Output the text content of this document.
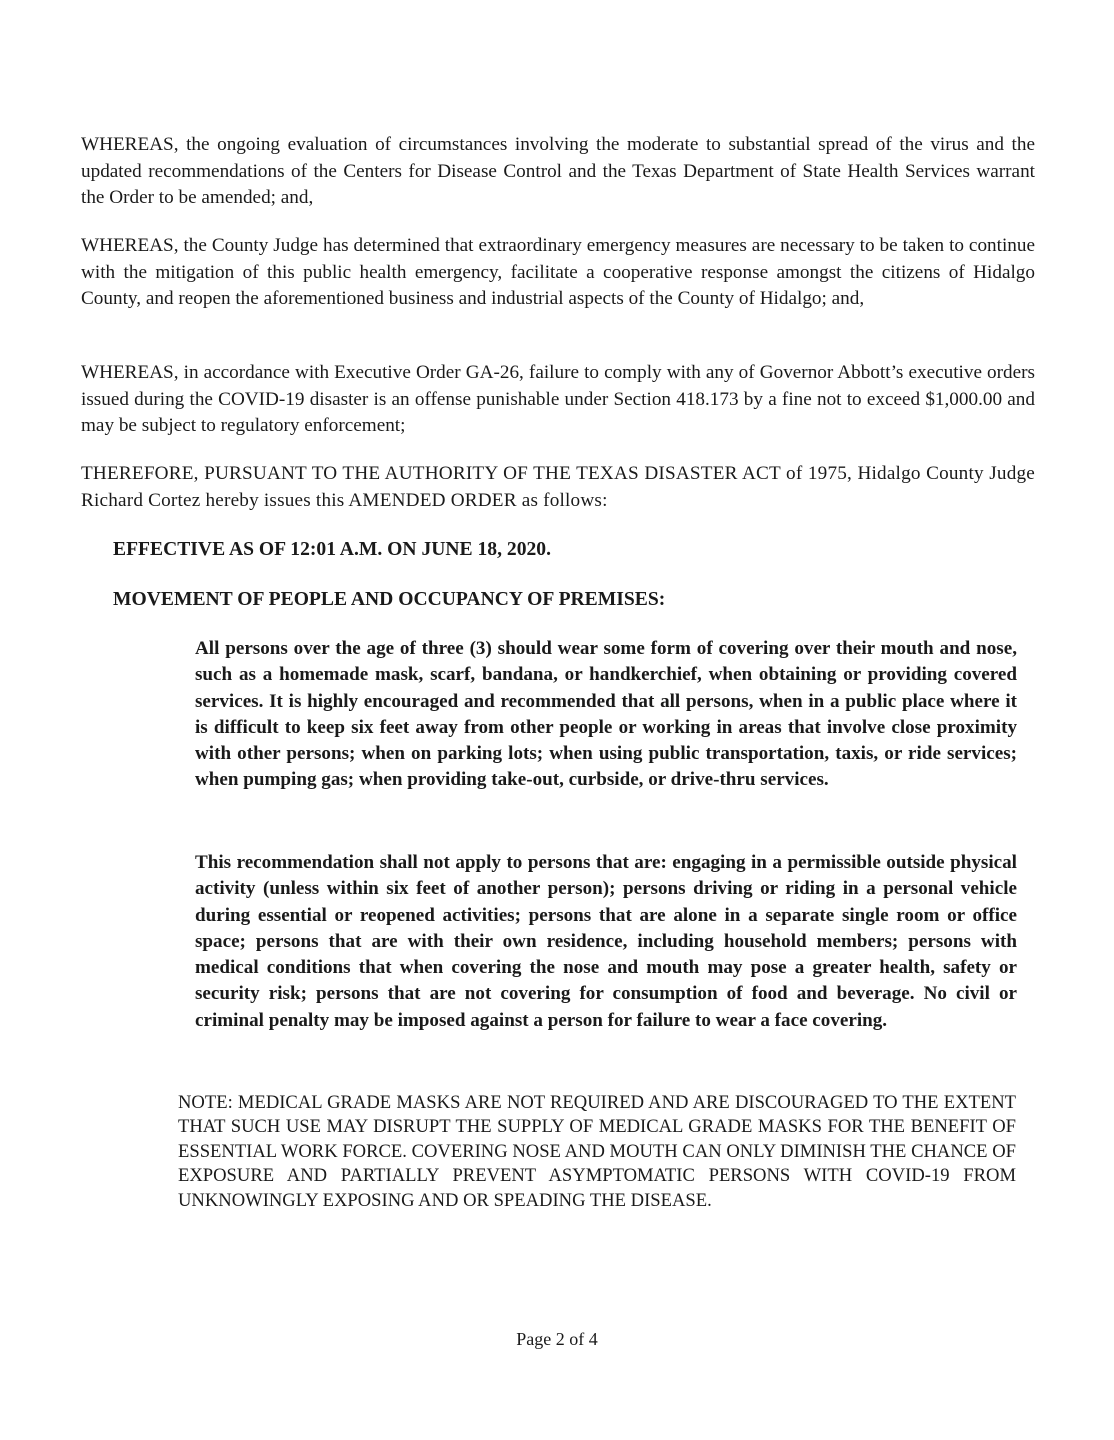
WHEREAS, the ongoing evaluation of circumstances involving the moderate to substantial spread of the virus and the updated recommendations of the Centers for Disease Control and the Texas Department of State Health Services warrant the Order to be amended; and,

WHEREAS, the County Judge has determined that extraordinary emergency measures are necessary to be taken to continue with the mitigation of this public health emergency, facilitate a cooperative response amongst the citizens of Hidalgo County, and reopen the aforementioned business and industrial aspects of the County of Hidalgo; and,

WHEREAS, in accordance with Executive Order GA-26, failure to comply with any of Governor Abbott’s executive orders issued during the COVID-19 disaster is an offense punishable under Section 418.173 by a fine not to exceed $1,000.00 and may be subject to regulatory enforcement;

THEREFORE, PURSUANT TO THE AUTHORITY OF THE TEXAS DISASTER ACT of 1975, Hidalgo County Judge Richard Cortez hereby issues this AMENDED ORDER as follows:

EFFECTIVE AS OF 12:01 A.M. ON JUNE 18, 2020.

MOVEMENT OF PEOPLE AND OCCUPANCY OF PREMISES:

All persons over the age of three (3) should wear some form of covering over their mouth and nose, such as a homemade mask, scarf, bandana, or handkerchief, when obtaining or providing covered services. It is highly encouraged and recommended that all persons, when in a public place where it is difficult to keep six feet away from other people or working in areas that involve close proximity with other persons; when on parking lots; when using public transportation, taxis, or ride services; when pumping gas; when providing take-out, curbside, or drive-thru services.

This recommendation shall not apply to persons that are: engaging in a permissible outside physical activity (unless within six feet of another person); persons driving or riding in a personal vehicle during essential or reopened activities; persons that are alone in a separate single room or office space; persons that are with their own residence, including household members; persons with medical conditions that when covering the nose and mouth may pose a greater health, safety or security risk; persons that are not covering for consumption of food and beverage. No civil or criminal penalty may be imposed against a person for failure to wear a face covering.

NOTE: MEDICAL GRADE MASKS ARE NOT REQUIRED AND ARE DISCOURAGED TO THE EXTENT THAT SUCH USE MAY DISRUPT THE SUPPLY OF MEDICAL GRADE MASKS FOR THE BENEFIT OF ESSENTIAL WORK FORCE. COVERING NOSE AND MOUTH CAN ONLY DIMINISH THE CHANCE OF EXPOSURE AND PARTIALLY PREVENT ASYMPTOMATIC PERSONS WITH COVID-19 FROM UNKNOWINGLY EXPOSING AND OR SPEADING THE DISEASE.

Page 2 of 4
